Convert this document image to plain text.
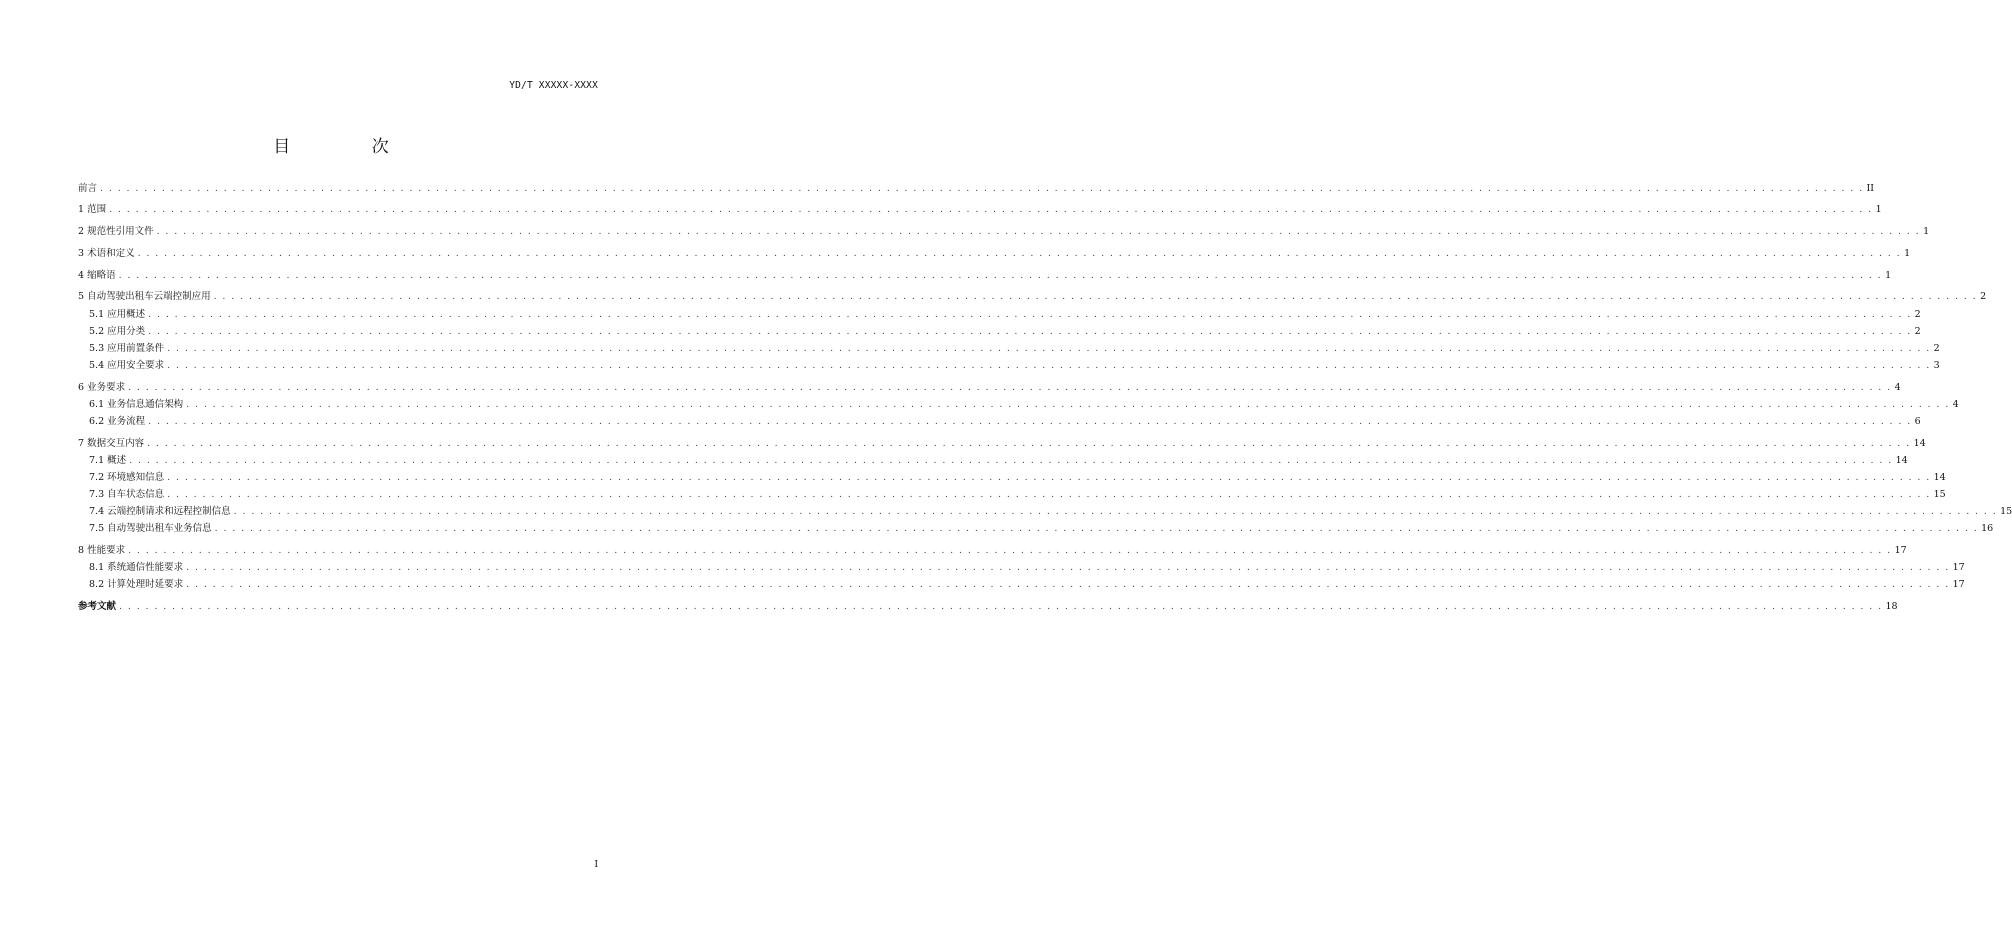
YD/T XXXXX-XXXX
目 次
前言 . . . . . . . . . . . . . . . . . . . . . . . . . . . . . . . . . . . . . . . . . . . . . . . . . . . . . . . . . . . . . . . . . . . . . . . . . . . . . . . . . . . . . . . . . . . . . . . . . . . . . . . . . . . . . . . . . . . . . . . . . . . . . . . . . . . . . . . . . . . . . . . . . . . . . . . . . . . . . . . . . . . . . . . . . . . . . . . . . . . . . . . . . . . . . . . . . . . . . . . . II
1 范围 . . . . . . . . . . . . . . . . . . . . . . . . . . . . . . . . . . . . . . . . . . . . . . . . . . . . . . . . . . . . . . . . . . . . . . . . . . . . . . . . . . . . . . . . . . . . . . . . . . . . . . . . . . . . . . . . . . . . . . . . . . . . . . . . . . . . . . . . . . . . . . . . . . . . . . . . . . . . . . . . . . . . . . . . . . . . . . . . . . . . . . . . . . . . . . . . . . . . . . . . 1
2 规范性引用文件 . . . . . . . . . . . . . . . . . . . . . . . . . . . . . . . . . . . . . . . . . . . . . . . . . . . . . . . . . . . . . . . . . . . . . . . . . . . . . . . . . . . . . . . . . . . . . . . . . . . . . . . . . . . . . . . . . . . . . . . . . . . . . . . . . . . . . . . . . . . . . . . . . . . . . . . . . . . . . . . . . . . . . . . . . . . . . . . . . . . . . . . . . . . . . . . . . . . . . . . . 1
3 术语和定义 . . . . . . . . . . . . . . . . . . . . . . . . . . . . . . . . . . . . . . . . . . . . . . . . . . . . . . . . . . . . . . . . . . . . . . . . . . . . . . . . . . . . . . . . . . . . . . . . . . . . . . . . . . . . . . . . . . . . . . . . . . . . . . . . . . . . . . . . . . . . . . . . . . . . . . . . . . . . . . . . . . . . . . . . . . . . . . . . . . . . . . . . . . . . . . . . . . . . . . . . 1
4 缩略语 . . . . . . . . . . . . . . . . . . . . . . . . . . . . . . . . . . . . . . . . . . . . . . . . . . . . . . . . . . . . . . . . . . . . . . . . . . . . . . . . . . . . . . . . . . . . . . . . . . . . . . . . . . . . . . . . . . . . . . . . . . . . . . . . . . . . . . . . . . . . . . . . . . . . . . . . . . . . . . . . . . . . . . . . . . . . . . . . . . . . . . . . . . . . . . . . . . . . . . . . 1
5 自动驾驶出租车云端控制应用 . . . . . . . . . . . . . . . . . . . . . . . . . . . . . . . . . . . . . . . . . . . . . . . . . . . . . . . . . . . . . . . . . . . . . . . . . . . . . . . . . . . . . . . . . . . . . . . . . . . . . . . . . . . . . . . . . . . . . . . . . . . . . . . . . . . . . . . . . . . . . . . . . . . . . . . . . . . . . . . . . . . . . . . . . . . . . . . . . . . . . . . . . . . . . . . . . . . . . . . . 2
5.1 应用概述 . . . . . . . . . . . . . . . . . . . . . . . . . . . . . . . . . . . . . . . . . . . . . . . . . . . . . . . . . . . . . . . . . . . . . . . . . . . . . . . . . . . . . . . . . . . . . . . . . . . . . . . . . . . . . . . . . . . . . . . . . . . . . . . . . . . . . . . . . . . . . . . . . . . . . . . . . . . . . . . . . . . . . . . . . . . . . . . . . . . . . . . . . . . . . . . . . . . . . . . . 2
5.2 应用分类 . . . . . . . . . . . . . . . . . . . . . . . . . . . . . . . . . . . . . . . . . . . . . . . . . . . . . . . . . . . . . . . . . . . . . . . . . . . . . . . . . . . . . . . . . . . . . . . . . . . . . . . . . . . . . . . . . . . . . . . . . . . . . . . . . . . . . . . . . . . . . . . . . . . . . . . . . . . . . . . . . . . . . . . . . . . . . . . . . . . . . . . . . . . . . . . . . . . . . . . . 2
5.3 应用前置条件 . . . . . . . . . . . . . . . . . . . . . . . . . . . . . . . . . . . . . . . . . . . . . . . . . . . . . . . . . . . . . . . . . . . . . . . . . . . . . . . . . . . . . . . . . . . . . . . . . . . . . . . . . . . . . . . . . . . . . . . . . . . . . . . . . . . . . . . . . . . . . . . . . . . . . . . . . . . . . . . . . . . . . . . . . . . . . . . . . . . . . . . . . . . . . . . . . . . . . . . . 2
5.4 应用安全要求 . . . . . . . . . . . . . . . . . . . . . . . . . . . . . . . . . . . . . . . . . . . . . . . . . . . . . . . . . . . . . . . . . . . . . . . . . . . . . . . . . . . . . . . . . . . . . . . . . . . . . . . . . . . . . . . . . . . . . . . . . . . . . . . . . . . . . . . . . . . . . . . . . . . . . . . . . . . . . . . . . . . . . . . . . . . . . . . . . . . . . . . . . . . . . . . . . . . . . . . . 3
6 业务要求 . . . . . . . . . . . . . . . . . . . . . . . . . . . . . . . . . . . . . . . . . . . . . . . . . . . . . . . . . . . . . . . . . . . . . . . . . . . . . . . . . . . . . . . . . . . . . . . . . . . . . . . . . . . . . . . . . . . . . . . . . . . . . . . . . . . . . . . . . . . . . . . . . . . . . . . . . . . . . . . . . . . . . . . . . . . . . . . . . . . . . . . . . . . . . . . . . . . . . . . . 4
6.1 业务信息通信架构 . . . . . . . . . . . . . . . . . . . . . . . . . . . . . . . . . . . . . . . . . . . . . . . . . . . . . . . . . . . . . . . . . . . . . . . . . . . . . . . . . . . . . . . . . . . . . . . . . . . . . . . . . . . . . . . . . . . . . . . . . . . . . . . . . . . . . . . . . . . . . . . . . . . . . . . . . . . . . . . . . . . . . . . . . . . . . . . . . . . . . . . . . . . . . . . . . . . . . . . . 4
6.2 业务流程 . . . . . . . . . . . . . . . . . . . . . . . . . . . . . . . . . . . . . . . . . . . . . . . . . . . . . . . . . . . . . . . . . . . . . . . . . . . . . . . . . . . . . . . . . . . . . . . . . . . . . . . . . . . . . . . . . . . . . . . . . . . . . . . . . . . . . . . . . . . . . . . . . . . . . . . . . . . . . . . . . . . . . . . . . . . . . . . . . . . . . . . . . . . . . . . . . . . . . . . . 6
7 数据交互内容 . . . . . . . . . . . . . . . . . . . . . . . . . . . . . . . . . . . . . . . . . . . . . . . . . . . . . . . . . . . . . . . . . . . . . . . . . . . . . . . . . . . . . . . . . . . . . . . . . . . . . . . . . . . . . . . . . . . . . . . . . . . . . . . . . . . . . . . . . . . . . . . . . . . . . . . . . . . . . . . . . . . . . . . . . . . . . . . . . . . . . . . . . . . . . . . . . . . . . . . . 14
7.1 概述 . . . . . . . . . . . . . . . . . . . . . . . . . . . . . . . . . . . . . . . . . . . . . . . . . . . . . . . . . . . . . . . . . . . . . . . . . . . . . . . . . . . . . . . . . . . . . . . . . . . . . . . . . . . . . . . . . . . . . . . . . . . . . . . . . . . . . . . . . . . . . . . . . . . . . . . . . . . . . . . . . . . . . . . . . . . . . . . . . . . . . . . . . . . . . . . . . . . . . . . . 14
7.2 环境感知信息 . . . . . . . . . . . . . . . . . . . . . . . . . . . . . . . . . . . . . . . . . . . . . . . . . . . . . . . . . . . . . . . . . . . . . . . . . . . . . . . . . . . . . . . . . . . . . . . . . . . . . . . . . . . . . . . . . . . . . . . . . . . . . . . . . . . . . . . . . . . . . . . . . . . . . . . . . . . . . . . . . . . . . . . . . . . . . . . . . . . . . . . . . . . . . . . . . . . . . . . . 14
7.3 自车状态信息 . . . . . . . . . . . . . . . . . . . . . . . . . . . . . . . . . . . . . . . . . . . . . . . . . . . . . . . . . . . . . . . . . . . . . . . . . . . . . . . . . . . . . . . . . . . . . . . . . . . . . . . . . . . . . . . . . . . . . . . . . . . . . . . . . . . . . . . . . . . . . . . . . . . . . . . . . . . . . . . . . . . . . . . . . . . . . . . . . . . . . . . . . . . . . . . . . . . . . . . . 15
7.4 云端控制请求和远程控制信息 . . . . . . . . . . . . . . . . . . . . . . . . . . . . . . . . . . . . . . . . . . . . . . . . . . . . . . . . . . . . . . . . . . . . . . . . . . . . . . . . . . . . . . . . . . . . . . . . . . . . . . . . . . . . . . . . . . . . . . . . . . . . . . . . . . . . . . . . . . . . . . . . . . . . . . . . . . . . . . . . . . . . . . . . . . . . . . . . . . . . . . . . . . . . . . . . . . . . . . . . 15
7.5 自动驾驶出租车业务信息 . . . . . . . . . . . . . . . . . . . . . . . . . . . . . . . . . . . . . . . . . . . . . . . . . . . . . . . . . . . . . . . . . . . . . . . . . . . . . . . . . . . . . . . . . . . . . . . . . . . . . . . . . . . . . . . . . . . . . . . . . . . . . . . . . . . . . . . . . . . . . . . . . . . . . . . . . . . . . . . . . . . . . . . . . . . . . . . . . . . . . . . . . . . . . . . . . . . . . . . . 16
8 性能要求 . . . . . . . . . . . . . . . . . . . . . . . . . . . . . . . . . . . . . . . . . . . . . . . . . . . . . . . . . . . . . . . . . . . . . . . . . . . . . . . . . . . . . . . . . . . . . . . . . . . . . . . . . . . . . . . . . . . . . . . . . . . . . . . . . . . . . . . . . . . . . . . . . . . . . . . . . . . . . . . . . . . . . . . . . . . . . . . . . . . . . . . . . . . . . . . . . . . . . . . . 17
8.1 系统通信性能要求 . . . . . . . . . . . . . . . . . . . . . . . . . . . . . . . . . . . . . . . . . . . . . . . . . . . . . . . . . . . . . . . . . . . . . . . . . . . . . . . . . . . . . . . . . . . . . . . . . . . . . . . . . . . . . . . . . . . . . . . . . . . . . . . . . . . . . . . . . . . . . . . . . . . . . . . . . . . . . . . . . . . . . . . . . . . . . . . . . . . . . . . . . . . . . . . . . . . . . . . . 17
8.2 计算处理时延要求 . . . . . . . . . . . . . . . . . . . . . . . . . . . . . . . . . . . . . . . . . . . . . . . . . . . . . . . . . . . . . . . . . . . . . . . . . . . . . . . . . . . . . . . . . . . . . . . . . . . . . . . . . . . . . . . . . . . . . . . . . . . . . . . . . . . . . . . . . . . . . . . . . . . . . . . . . . . . . . . . . . . . . . . . . . . . . . . . . . . . . . . . . . . . . . . . . . . . . . . . 17
参考文献 . . . . . . . . . . . . . . . . . . . . . . . . . . . . . . . . . . . . . . . . . . . . . . . . . . . . . . . . . . . . . . . . . . . . . . . . . . . . . . . . . . . . . . . . . . . . . . . . . . . . . . . . . . . . . . . . . . . . . . . . . . . . . . . . . . . . . . . . . . . . . . . . . . . . . . . . . . . . . . . . . . . . . . . . . . . . . . . . . . . . . . . . . . . . . . . . . . . . . . . . 18
I
